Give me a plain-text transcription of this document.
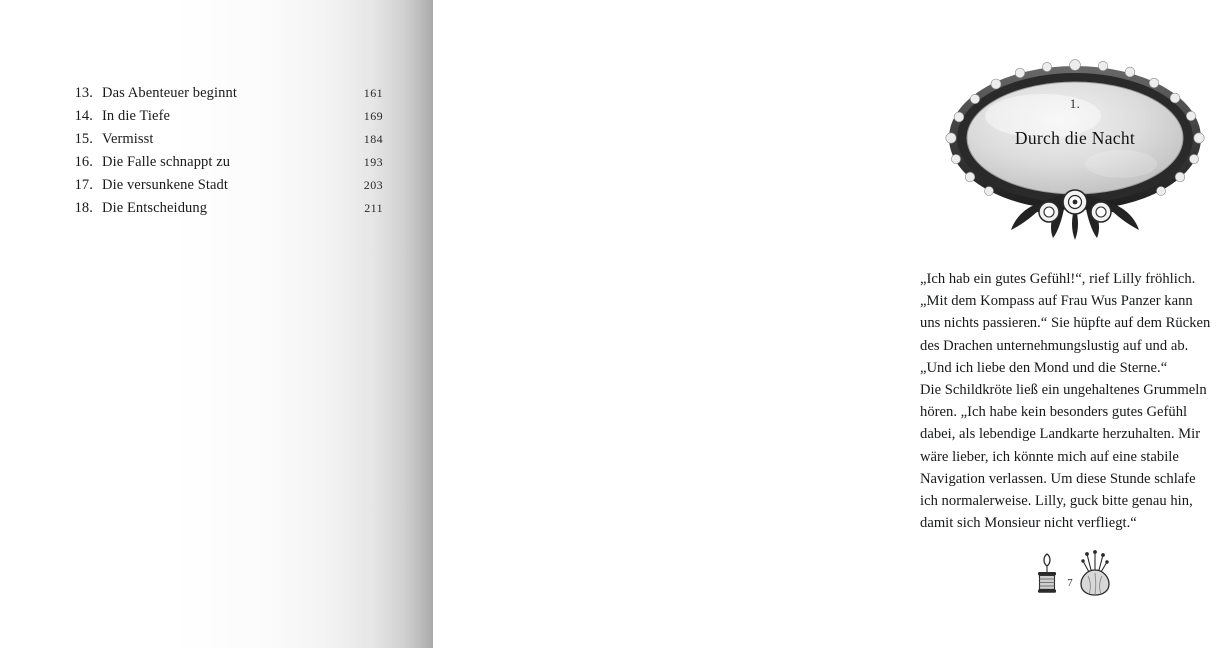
13. Das Abenteuer beginnt	161
14. In die Tiefe	169
15. Vermisst	184
16. Die Falle schnappt zu	193
17. Die versunkene Stadt	203
18. Die Entscheidung	211
1.
Durch die Nacht
„Ich hab ein gutes Gefühl!“, rief Lilly fröhlich.
„Mit dem Kompass auf Frau Wus Panzer kann
uns nichts passieren.“ Sie hüpfte auf dem Rücken
des Drachen unternehmungslustig auf und ab.
„Und ich liebe den Mond und die Sterne.“
Die Schildkröte ließ ein ungehaltenes Grummeln
hören. „Ich habe kein besonders gutes Gefühl
dabei, als lebendige Landkarte herzuhalten. Mir
wäre lieber, ich könnte mich auf eine stabile
Navigation verlassen. Um diese Stunde schlafe
ich normalerweise. Lilly, guck bitte genau hin,
damit sich Monsieur nicht verfliegt.“
7
